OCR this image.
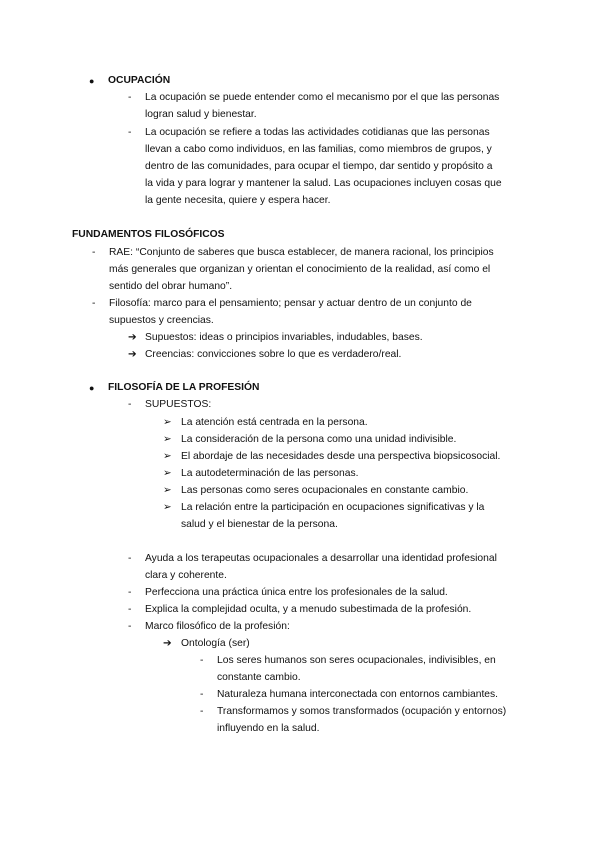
● OCUPACIÓN
- La ocupación se puede entender como el mecanismo por el que las personas
logran salud y bienestar.
- La ocupación se refiere a todas las actividades cotidianas que las personas
llevan a cabo como individuos, en las familias, como miembros de grupos, y
dentro de las comunidades, para ocupar el tiempo, dar sentido y propósito a
la vida y para lograr y mantener la salud. Las ocupaciones incluyen cosas que
la gente necesita, quiere y espera hacer.
FUNDAMENTOS FILOSÓFICOS
- RAE: “Conjunto de saberes que busca establecer, de manera racional, los principios
más generales que organizan y orientan el conocimiento de la realidad, así como el
sentido del obrar humano”.
- Filosofía: marco para el pensamiento; pensar y actuar dentro de un conjunto de
supuestos y creencias.
➔ Supuestos: ideas o principios invariables, indudables, bases.
➔ Creencias: convicciones sobre lo que es verdadero/real.
● FILOSOFÍA DE LA PROFESIÓN
- SUPUESTOS:
➢ La atención está centrada en la persona.
➢ La consideración de la persona como una unidad indivisible.
➢ El abordaje de las necesidades desde una perspectiva biopsicosocial.
➢ La autodeterminación de las personas.
➢ Las personas como seres ocupacionales en constante cambio.
➢ La relación entre la participación en ocupaciones significativas y la
salud y el bienestar de la persona.
- Ayuda a los terapeutas ocupacionales a desarrollar una identidad profesional
clara y coherente.
- Perfecciona una práctica única entre los profesionales de la salud.
- Explica la complejidad oculta, y a menudo subestimada de la profesión.
- Marco filosófico de la profesión:
➔ Ontología (ser)
- Los seres humanos son seres ocupacionales, indivisibles, en
constante cambio.
- Naturaleza humana interconectada con entornos cambiantes.
- Transformamos y somos transformados (ocupación y entornos)
influyendo en la salud.
